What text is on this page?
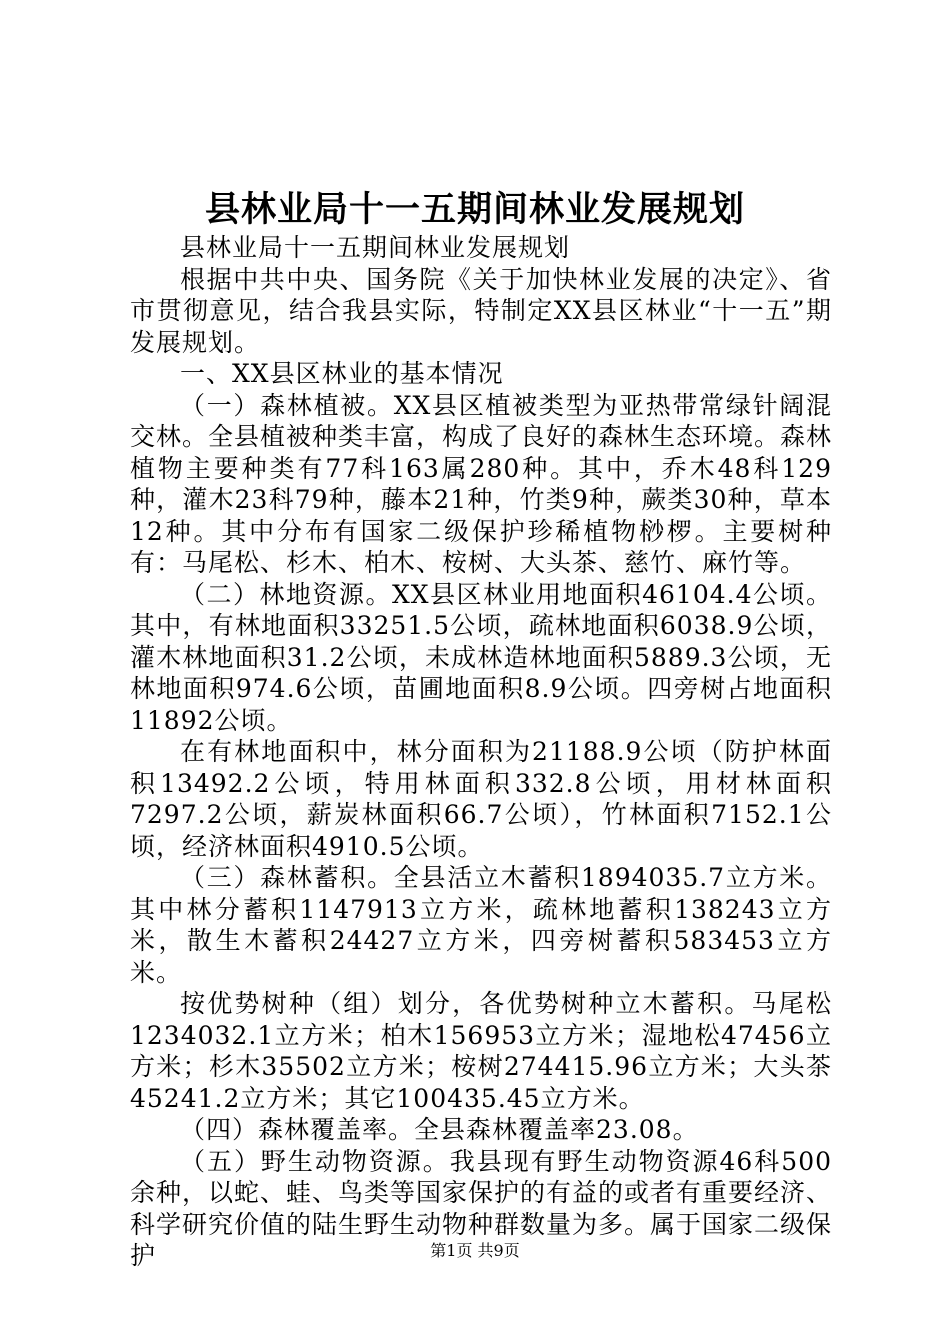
县林业局十一五期间林业发展规划

县林业局十一五期间林业发展规划

根据中共中央、国务院《关于加快林业发展的决定》、省市贯彻意见，结合我县实际，特制定XX县区林业“十一五”期发展规划。

一、XX县区林业的基本情况

（一）森林植被。XX县区植被类型为亚热带常绿针阔混交林。全县植被种类丰富，构成了良好的森林生态环境。森林植物主要种类有77科163属280种。其中，乔木48科129种，灌木23科79种，藤本21种，竹类9种，蕨类30种，草本12种。其中分布有国家二级保护珍稀植物桫椤。主要树种有：马尾松、杉木、柏木、桉树、大头茶、慈竹、麻竹等。

（二）林地资源。XX县区林业用地面积46104.4公顷。其中，有林地面积33251.5公顷，疏林地面积6038.9公顷，灌木林地面积31.2公顷，未成林造林地面积5889.3公顷，无林地面积974.6公顷，苗圃地面积8.9公顷。四旁树占地面积11892公顷。

在有林地面积中，林分面积为21188.9公顷（防护林面积13492.2公顷，特用林面积332.8公顷，用材林面积7297.2公顷，薪炭林面积66.7公顷），竹林面积7152.1公顷，经济林面积4910.5公顷。

（三）森林蓄积。全县活立木蓄积1894035.7立方米。其中林分蓄积1147913立方米，疏林地蓄积138243立方米，散生木蓄积24427立方米，四旁树蓄积583453立方米。

按优势树种（组）划分，各优势树种立木蓄积。马尾松1234032.1立方米；柏木156953立方米；湿地松47456立方米；杉木35502立方米；桉树274415.96立方米；大头茶45241.2立方米；其它100435.45立方米。

（四）森林覆盖率。全县森林覆盖率23.08。

（五）野生动物资源。我县现有野生动物资源46科500余种，以蛇、蛙、鸟类等国家保护的有益的或者有重要经济、科学研究价值的陆生野生动物种群数量为多。属于国家二级保护	第1页 共9页
